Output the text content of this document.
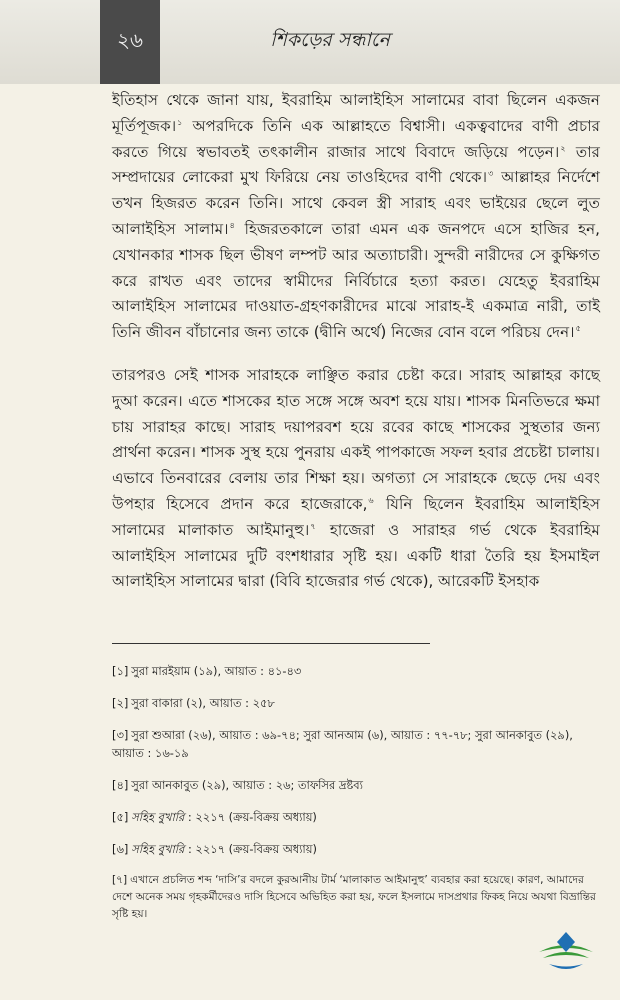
২৬	শিকড়ের সন্ধানে

ইতিহাস থেকে জানা যায়, ইবরাহিম আলাইহিস সালামের বাবা ছিলেন একজন মূর্তিপূজক।$^১$ অপরদিকে তিনি এক আল্লাহতে বিশ্বাসী। একত্ববাদের বাণী প্রচার করতে গিয়ে স্বভাবতই তৎকালীন রাজার সাথে বিবাদে জড়িয়ে পড়েন।$^২$ তার সম্প্রদায়ের লোকেরা মুখ ফিরিয়ে নেয় তাওহিদের বাণী থেকে।$^৩$ আল্লাহর নির্দেশে তখন হিজরত করেন তিনি। সাথে কেবল স্ত্রী সারাহ এবং ভাইয়ের ছেলে লুত আলাইহিস সালাম।$^৪$ হিজরতকালে তারা এমন এক জনপদে এসে হাজির হন, যেখানকার শাসক ছিল ভীষণ লম্পট আর অত্যাচারী। সুন্দরী নারীদের সে কুক্ষিগত করে রাখত এবং তাদের স্বামীদের নির্বিচারে হত্যা করত। যেহেতু ইবরাহিম আলাইহিস সালামের দাওয়াত-গ্রহণকারীদের মাঝে সারাহ-ই একমাত্র নারী, তাই তিনি জীবন বাঁচানোর জন্য তাকে (দ্বীনি অর্থে) নিজের বোন বলে পরিচয় দেন।$^৫$

তারপরও সেই শাসক সারাহকে লাঞ্ছিত করার চেষ্টা করে। সারাহ আল্লাহর কাছে দুআ করেন। এতে শাসকের হাত সঙ্গে সঙ্গে অবশ হয়ে যায়। শাসক মিনতিভরে ক্ষমা চায় সারাহর কাছে। সারাহ দয়াপরবশ হয়ে রবের কাছে শাসকের সুস্থতার জন্য প্রার্থনা করেন। শাসক সুস্থ হয়ে পুনরায় একই পাপকাজে সফল হবার প্রচেষ্টা চালায়। এভাবে তিনবারের বেলায় তার শিক্ষা হয়। অগত্যা সে সারাহকে ছেড়ে দেয় এবং উপহার হিসেবে প্রদান করে হাজেরাকে,$^৬$ যিনি ছিলেন ইবরাহিম আলাইহিস সালামের মালাকাত আইমানুহু।$^৭$ হাজেরা ও সারাহর গর্ভ থেকে ইবরাহিম আলাইহিস সালামের দুটি বংশধারার সৃষ্টি হয়। একটি ধারা তৈরি হয় ইসমাইল আলাইহিস সালামের দ্বারা (বিবি হাজেরার গর্ভ থেকে), আরেকটি ইসহাক

[১] সুরা মারইয়াম (১৯), আয়াত : ৪১-৪৩

[২] সুরা বাকারা (২), আয়াত : ২৫৮

[৩] সুরা শুআরা (২৬), আয়াত : ৬৯-৭৪; সুরা আনআম (৬), আয়াত : ৭৭-৭৮; সুরা আনকাবুত (২৯), আয়াত : ১৬-১৯

[৪] সুরা আনকাবুত (২৯), আয়াত : ২৬; তাফসির দ্রষ্টব্য

[৫] সহিহ বুখারি : ২২১৭ (ক্রয়-বিক্রয় অধ্যায়)

[৬] সহিহ বুখারি : ২২১৭ (ক্রয়-বিক্রয় অধ্যায়)

[৭] এখানে প্রচলিত শব্দ ‘দাসি’র বদলে কুরআনীয় টার্ম ‘মালাকাত আইমানুহু’ ব্যবহার করা হয়েছে। কারণ, আমাদের দেশে অনেক সময় গৃহকর্মীদেরও দাসি হিসেবে অভিহিত করা হয়, ফলে ইসলামে দাসপ্রথার ফিকহ নিয়ে অযথা বিভ্রান্তির সৃষ্টি হয়।
